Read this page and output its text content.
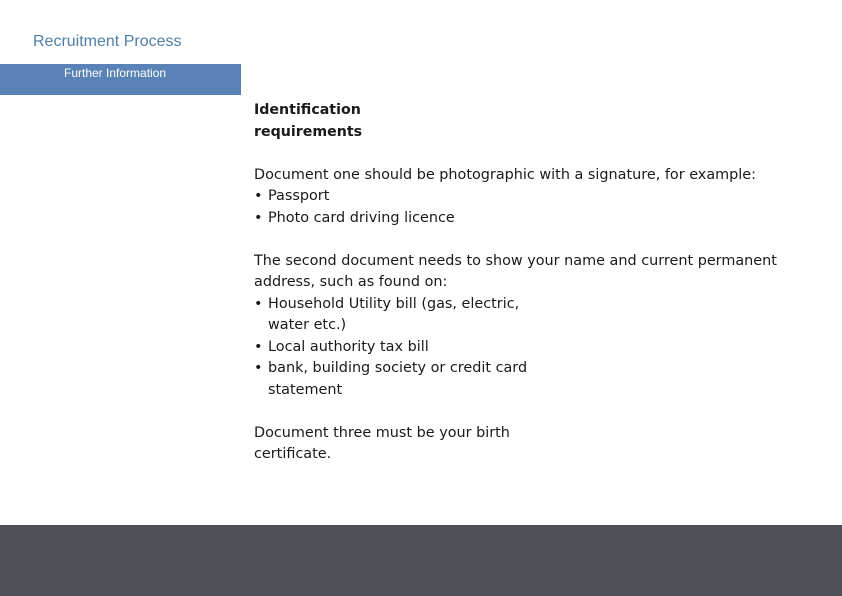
Recruitment Process
Further Information

Identification requirements

Document one should be photographic with a signature, for example:

• Passport
• Photo card driving licence

The second document needs to show your name and current permanent address, such as found on:

• Household Utility bill (gas, electric, water etc.)
• Local authority tax bill
• bank, building society or credit card statement

Document three must be your birth certificate.
